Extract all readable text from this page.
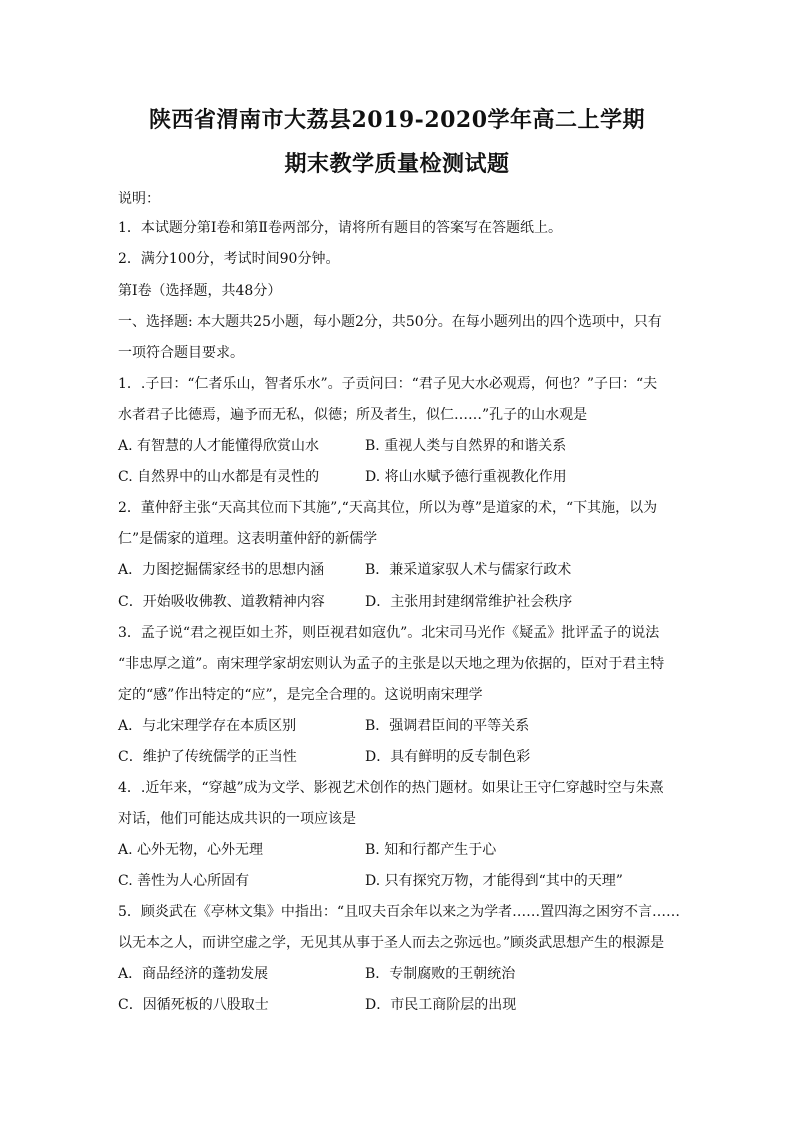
陕西省渭南市大荔县2019-2020学年高二上学期
期末教学质量检测试题
说明：
1．本试题分第Ⅰ卷和第Ⅱ卷两部分，请将所有题目的答案写在答题纸上。
2．满分100分，考试时间90分钟。
第Ⅰ卷（选择题，共48分）
一、选择题: 本大题共25小题，每小题2分，共50分。在每小题列出的四个选项中，只有
一项符合题目要求。
1．.子曰：“仁者乐山，智者乐水”。子贡问曰：“君子见大水必观焉，何也？”子曰：“夫
水者君子比德焉，遍予而无私，似德；所及者生，似仁……”孔子的山水观是
A. 有智慧的人才能懂得欣赏山水	B. 重视人类与自然界的和谐关系
C. 自然界中的山水都是有灵性的	D. 将山水赋予德行重视教化作用
2．董仲舒主张“天高其位而下其施”,“天高其位，所以为尊”是道家的术，“下其施，以为
仁”是儒家的道理。这表明董仲舒的新儒学
A．力图挖掘儒家经书的思想内涵	B．兼采道家驭人术与儒家行政术
C．开始吸收佛教、道教精神内容	D．主张用封建纲常维护社会秩序
3．孟子说“君之视臣如土芥，则臣视君如寇仇”。北宋司马光作《疑孟》批评孟子的说法
“非忠厚之道”。南宋理学家胡宏则认为孟子的主张是以天地之理为依据的，臣对于君主特
定的“感”作出特定的“应”，是完全合理的。这说明南宋理学
A．与北宋理学存在本质区别	B．强调君臣间的平等关系
C．维护了传统儒学的正当性	D．具有鲜明的反专制色彩
4．.近年来，“穿越”成为文学、影视艺术创作的热门题材。如果让王守仁穿越时空与朱熹
对话，他们可能达成共识的一项应该是
A. 心外无物，心外无理	B. 知和行都产生于心
C. 善性为人心所固有	D. 只有探究万物，才能得到“其中的天理”
5．顾炎武在《亭林文集》中指出：“且叹夫百余年以来之为学者……置四海之困穷不言……
以无本之人，而讲空虚之学，无见其从事于圣人而去之弥远也。”顾炎武思想产生的根源是
A．商品经济的蓬勃发展	B．专制腐败的王朝统治
C．因循死板的八股取士	D．市民工商阶层的出现
